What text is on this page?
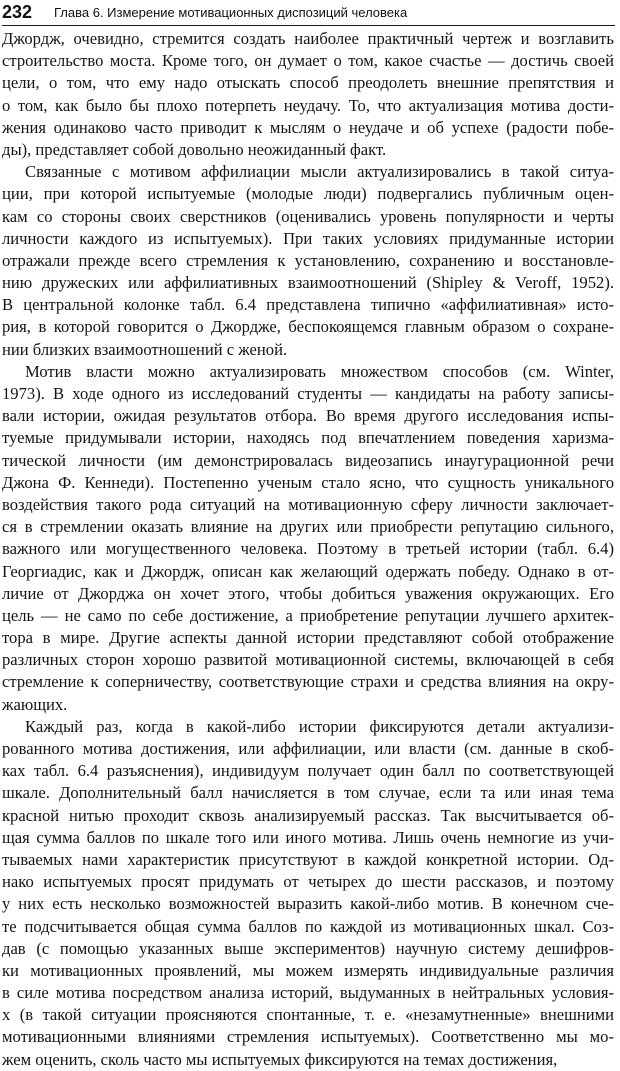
232 Глава 6. Измерение мотивационных диспозиций человека
Джордж, очевидно, стремится создать наиболее практичный чертеж и возглавить
строительство моста. Кроме того, он думает о том, какое счастье — достичь своей
цели, о том, что ему надо отыскать способ преодолеть внешние препятствия и
о том, как было бы плохо потерпеть неудачу. То, что актуализация мотива дости-
жения одинаково часто приводит к мыслям о неудаче и об успехе (радости побе-
ды), представляет собой довольно неожиданный факт.
Связанные с мотивом аффилиации мысли актуализировались в такой ситуа-
ции, при которой испытуемые (молодые люди) подвергались публичным оцен-
кам со стороны своих сверстников (оценивались уровень популярности и черты
личности каждого из испытуемых). При таких условиях придуманные истории
отражали прежде всего стремления к установлению, сохранению и восстановле-
нию дружеских или аффилиативных взаимоотношений (Shipley & Veroff, 1952).
В центральной колонке табл. 6.4 представлена типично «аффилиативная» исто-
рия, в которой говорится о Джордже, беспокоящемся главным образом о сохране-
нии близких взаимоотношений с женой.
Мотив власти можно актуализировать множеством способов (см. Winter,
1973). В ходе одного из исследований студенты — кандидаты на работу записы-
вали истории, ожидая результатов отбора. Во время другого исследования испы-
туемые придумывали истории, находясь под впечатлением поведения харизма-
тической личности (им демонстрировалась видеозапись инаугурационной речи
Джона Ф. Кеннеди). Постепенно ученым стало ясно, что сущность уникального
воздействия такого рода ситуаций на мотивационную сферу личности заключает-
ся в стремлении оказать влияние на других или приобрести репутацию сильного,
важного или могущественного человека. Поэтому в третьей истории (табл. 6.4)
Георгиадис, как и Джордж, описан как желающий одержать победу. Однако в от-
личие от Джорджа он хочет этого, чтобы добиться уважения окружающих. Его
цель — не само по себе достижение, а приобретение репутации лучшего архитек-
тора в мире. Другие аспекты данной истории представляют собой отображение
различных сторон хорошо развитой мотивационной системы, включающей в себя
стремление к соперничеству, соответствующие страхи и средства влияния на окру-
жающих.
Каждый раз, когда в какой-либо истории фиксируются детали актуализи-
рованного мотива достижения, или аффилиации, или власти (см. данные в скоб-
ках табл. 6.4 разъяснения), индивидуум получает один балл по соответствующей
шкале. Дополнительный балл начисляется в том случае, если та или иная тема
красной нитью проходит сквозь анализируемый рассказ. Так высчитывается об-
щая сумма баллов по шкале того или иного мотива. Лишь очень немногие из учи-
тываемых нами характеристик присутствуют в каждой конкретной истории. Од-
нако испытуемых просят придумать от четырех до шести рассказов, и поэтому
у них есть несколько возможностей выразить какой-либо мотив. В конечном сче-
те подсчитывается общая сумма баллов по каждой из мотивационных шкал. Соз-
дав (с помощью указанных выше экспериментов) научную систему дешифров-
ки мотивационных проявлений, мы можем измерять индивидуальные различия
в силе мотива посредством анализа историй, выдуманных в нейтральных условия-
х (в такой ситуации проясняются спонтанные, т. е. «незамутненные» внешними
мотивационными влияниями стремления испытуемых). Соответственно мы мо-
жем оценить, сколь часто мы испытуемых фиксируются на темах достижения,
